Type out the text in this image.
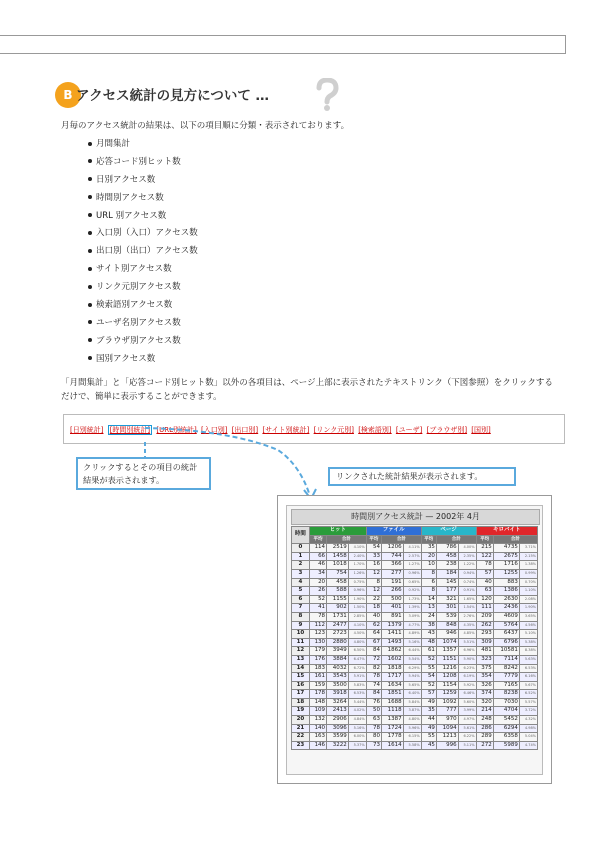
B アクセス統計の見方について …
月毎のアクセス統計の結果は、以下の項目順に分類・表示されております。
月間集計
応答コード別ヒット数
日別アクセス数
時間別アクセス数
URL 別アクセス数
入口別（入口）アクセス数
出口別（出口）アクセス数
サイト別アクセス数
リンク元別アクセス数
検索語別アクセス数
ユーザ名別アクセス数
ブラウザ別アクセス数
国別アクセス数
「月間集計」と「応答コード別ヒット数」以外の各項目は、ページ上部に表示されたテキストリンク（下図参照）をクリックするだけで、簡単に表示することができます。
[日別統計] [時間別統計] [URL別統計] [入口別] [出口別] [サイト別統計] [リンク元別] [検索語別] [ユーザ] [ブラウザ別] [国別]
クリックするとその項目の統計結果が表示されます。	リンクされた統計結果が表示されます。
時間別アクセス統計 — 2002年 4月
時間	ヒット			ファイル			ページ			キロバイト		
	平均	合計		平均	合計		平均	合計		平均	合計	
0	114	2519	4.10%	54	1206	4.11%	35	786	4.00%	215	4735	3.71%
1	66	1458	2.40%	33	744	2.57%	20	458	2.35%	122	2675	2.15%
2	46	1018	1.70%	16	366	1.27%	10	238	1.22%	78	1716	1.38%
3	34	754	1.26%	12	277	0.96%	8	184	0.94%	57	1255	0.99%
4	20	458	0.75%	8	191	0.65%	6	145	0.74%	40	883	0.70%
5	26	588	0.96%	12	266	0.92%	8	177	0.91%	63	1386	1.10%
6	52	1155	1.90%	22	500	1.73%	14	321	1.65%	120	2630	2.08%
7	41	902	1.50%	18	401	1.39%	13	301	1.54%	111	2436	1.90%
8	78	1731	2.85%	40	891	3.09%	24	539	2.76%	209	4609	3.65%
9	112	2477	4.10%	62	1379	4.77%	38	848	4.35%	262	5764	4.56%
10	123	2723	4.50%	64	1411	4.89%	43	946	4.85%	293	6437	5.10%
11	130	2880	4.80%	67	1493	5.16%	48	1074	5.51%	309	6796	5.38%
12	179	3949	6.50%	84	1862	6.44%	61	1357	6.96%	481	10581	8.38%
13	176	3884	6.47%	72	1602	5.54%	52	1151	5.90%	323	7114	5.63%
14	183	4032	6.72%	82	1818	6.29%	55	1216	6.23%	375	8242	6.53%
15	161	3543	5.91%	78	1717	5.94%	54	1208	6.19%	354	7779	6.16%
16	159	3500	5.83%	74	1634	5.65%	52	1154	5.92%	326	7165	5.67%
17	178	3918	6.53%	84	1851	6.40%	57	1259	6.46%	374	8238	6.52%
18	148	3264	5.44%	76	1688	5.84%	49	1092	5.60%	320	7030	5.57%
19	109	2413	4.02%	50	1118	3.87%	35	777	3.99%	214	4704	3.72%
20	132	2906	4.84%	63	1387	4.80%	44	970	4.97%	248	5452	4.32%
21	140	3096	5.16%	78	1724	5.96%	49	1094	5.61%	286	6294	4.98%
22	163	3599	6.00%	80	1778	6.15%	55	1213	6.22%	289	6358	5.04%
23	146	3222	5.37%	73	1614	5.58%	45	996	5.11%	272	5989	4.74%
